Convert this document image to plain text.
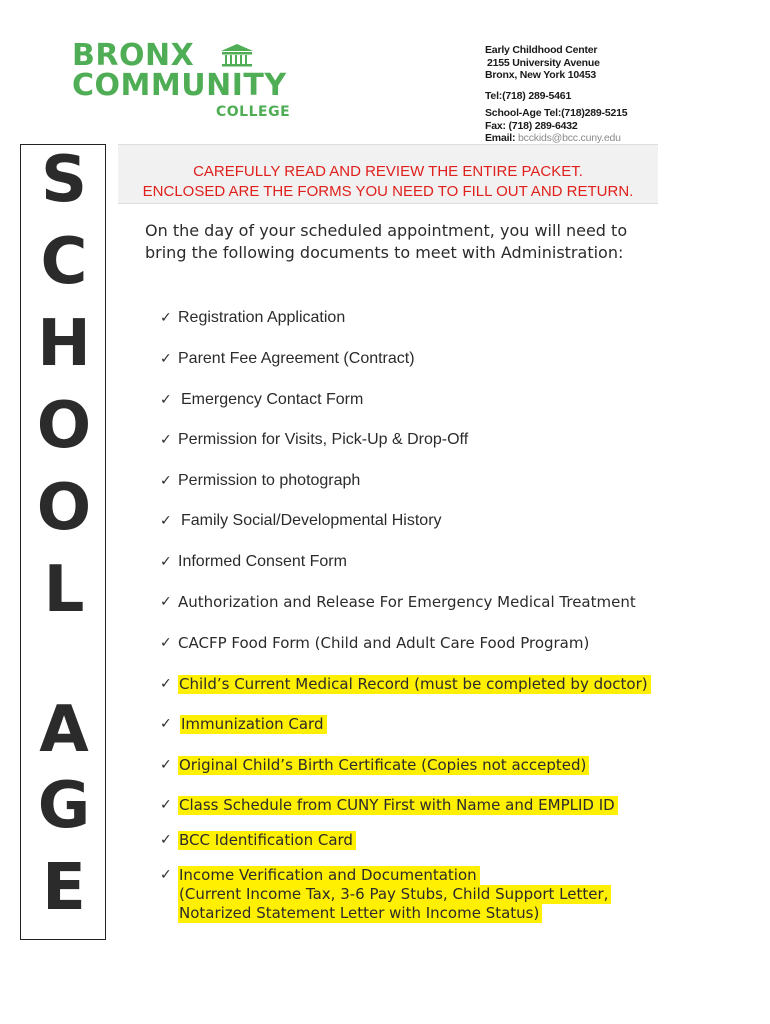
BRONX
COMMUNITY
COLLEGE
Early Childhood Center
2155 University Avenue
Bronx, New York 10453
Tel:(718) 289-5461
School-Age Tel:(718)289-5215
Fax: (718) 289-6432
Email: bcckids@bcc.cuny.edu
S
C
H
O
O
L
A
G
E
CAREFULLY READ AND REVIEW THE ENTIRE PACKET.
ENCLOSED ARE THE FORMS YOU NEED TO FILL OUT AND RETURN.
On the day of your scheduled appointment, you will need to
bring the following documents to meet with Administration:
✓ Registration Application
✓ Parent Fee Agreement (Contract)
✓ Emergency Contact Form
✓ Permission for Visits, Pick-Up & Drop-Off
✓ Permission to photograph
✓ Family Social/Developmental History
✓ Informed Consent Form
✓ Authorization and Release For Emergency Medical Treatment
✓ CACFP Food Form (Child and Adult Care Food Program)
✓ Child’s Current Medical Record (must be completed by doctor)
✓ Immunization Card
✓ Original Child’s Birth Certificate (Copies not accepted)
✓ Class Schedule from CUNY First with Name and EMPLID ID
✓ BCC Identification Card
✓ Income Verification and Documentation
(Current Income Tax, 3-6 Pay Stubs, Child Support Letter,
Notarized Statement Letter with Income Status)
